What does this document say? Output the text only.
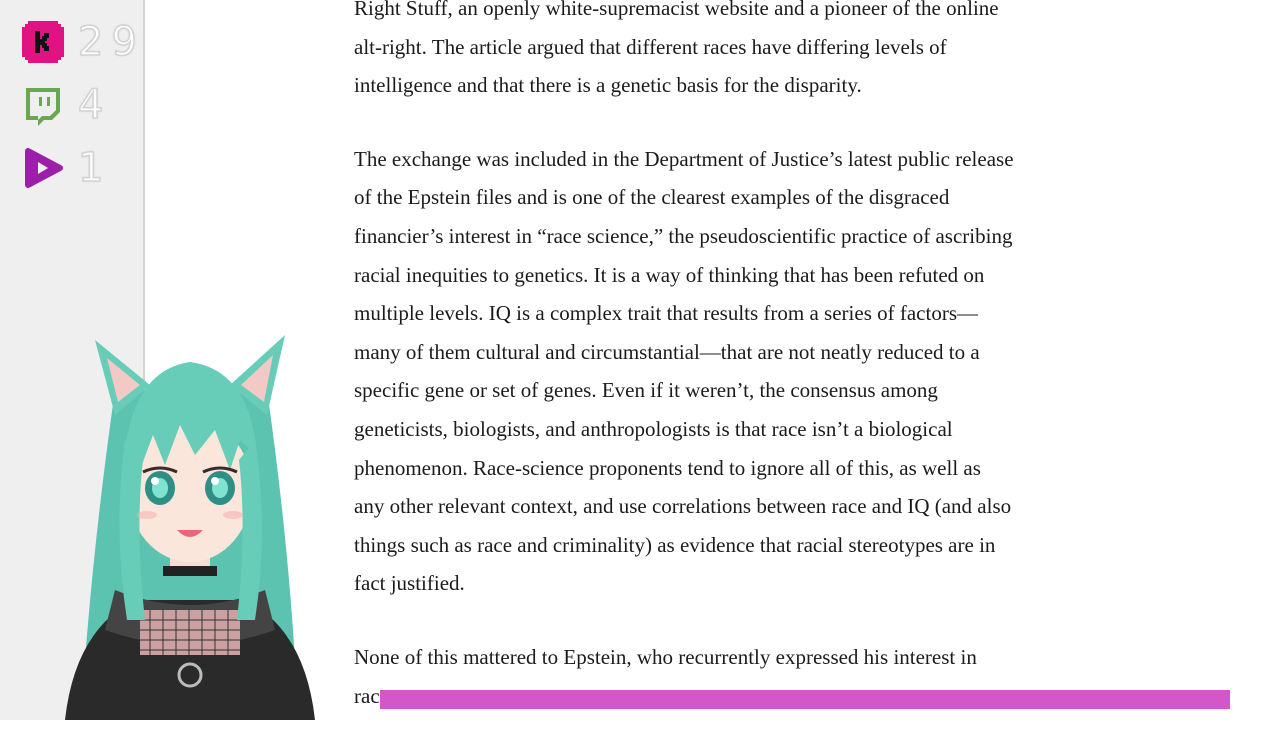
29
4
1

Right Stuff, an openly white-supremacist website and a pioneer of the online
alt-right. The article argued that different races have differing levels of
intelligence and that there is a genetic basis for the disparity.

The exchange was included in the Department of Justice’s latest public release
of the Epstein files and is one of the clearest examples of the disgraced
financier’s interest in “race science,” the pseudoscientific practice of ascribing
racial inequities to genetics. It is a way of thinking that has been refuted on
multiple levels. IQ is a complex trait that results from a series of factors—
many of them cultural and circumstantial—that are not neatly reduced to a
specific gene or set of genes. Even if it weren’t, the consensus among
geneticists, biologists, and anthropologists is that race isn’t a biological
phenomenon. Race-science proponents tend to ignore all of this, as well as
any other relevant context, and use correlations between race and IQ (and also
things such as race and criminality) as evidence that racial stereotypes are in
fact justified.

None of this mattered to Epstein, who recurrently expressed his interest in
rac
